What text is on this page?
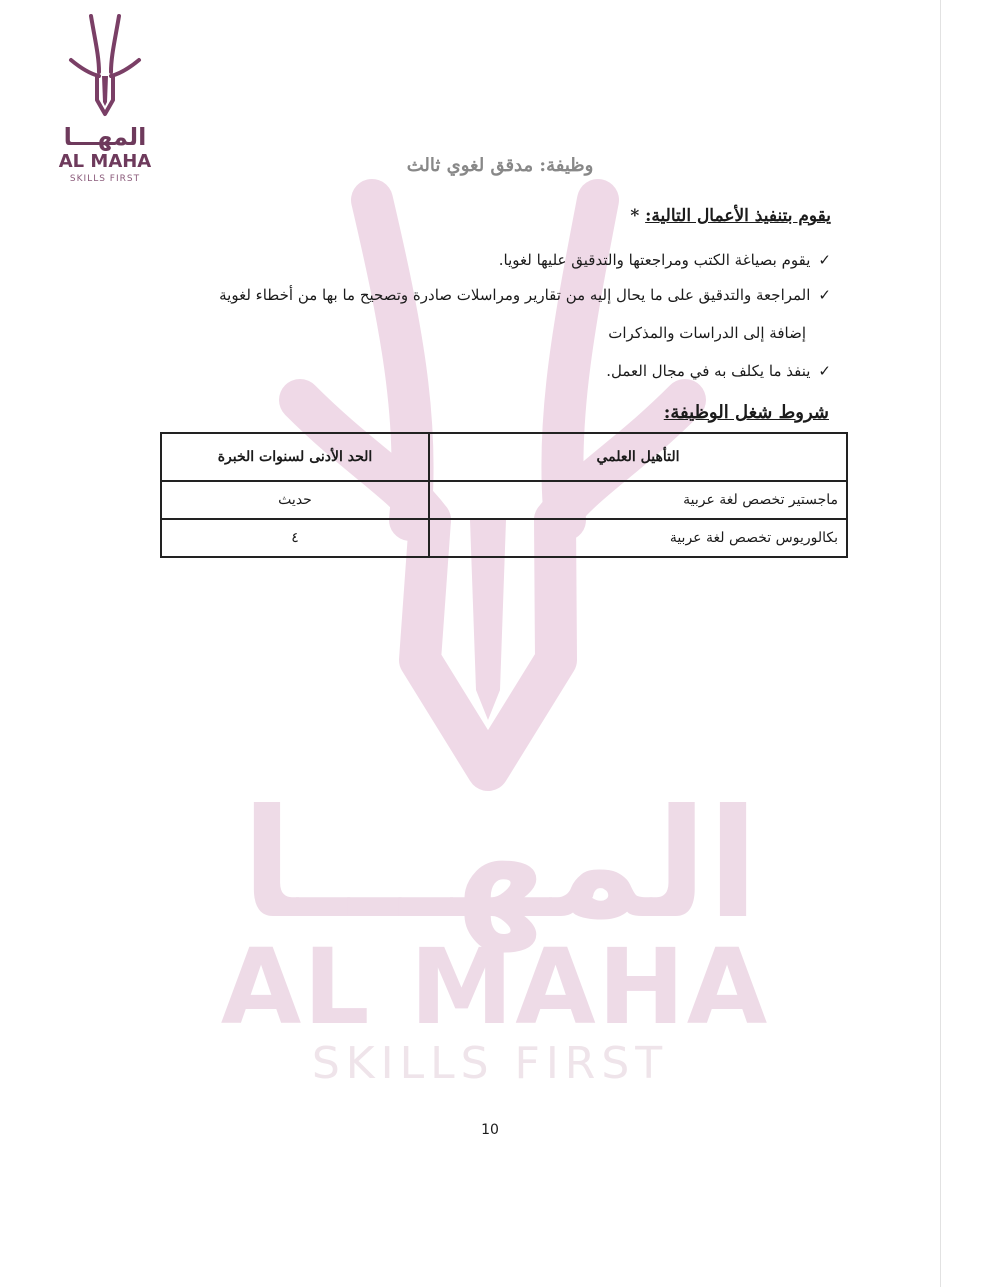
المهـــا
AL MAHA
SKILLS FIRST
المهـــا
AL MAHA
SKILLS FIRST
وظيفة: مدقق لغوي ثالث
يقوم بتنفيذ الأعمال التالية: *
✓يقوم بصياغة الكتب ومراجعتها والتدقيق عليها لغويا.
✓المراجعة والتدقيق على ما يحال إليه من تقارير ومراسلات صادرة وتصحيح ما بها من أخطاء لغوية
إضافة إلى الدراسات والمذكرات
✓ينفذ ما يكلف به في مجال العمل.
شروط شغل الوظيفة:
التأهيل العلمي	الحد الأدنى لسنوات الخبرة
ماجستير تخصص لغة عربية	حديث
بكالوريوس تخصص لغة عربية	٤
10
